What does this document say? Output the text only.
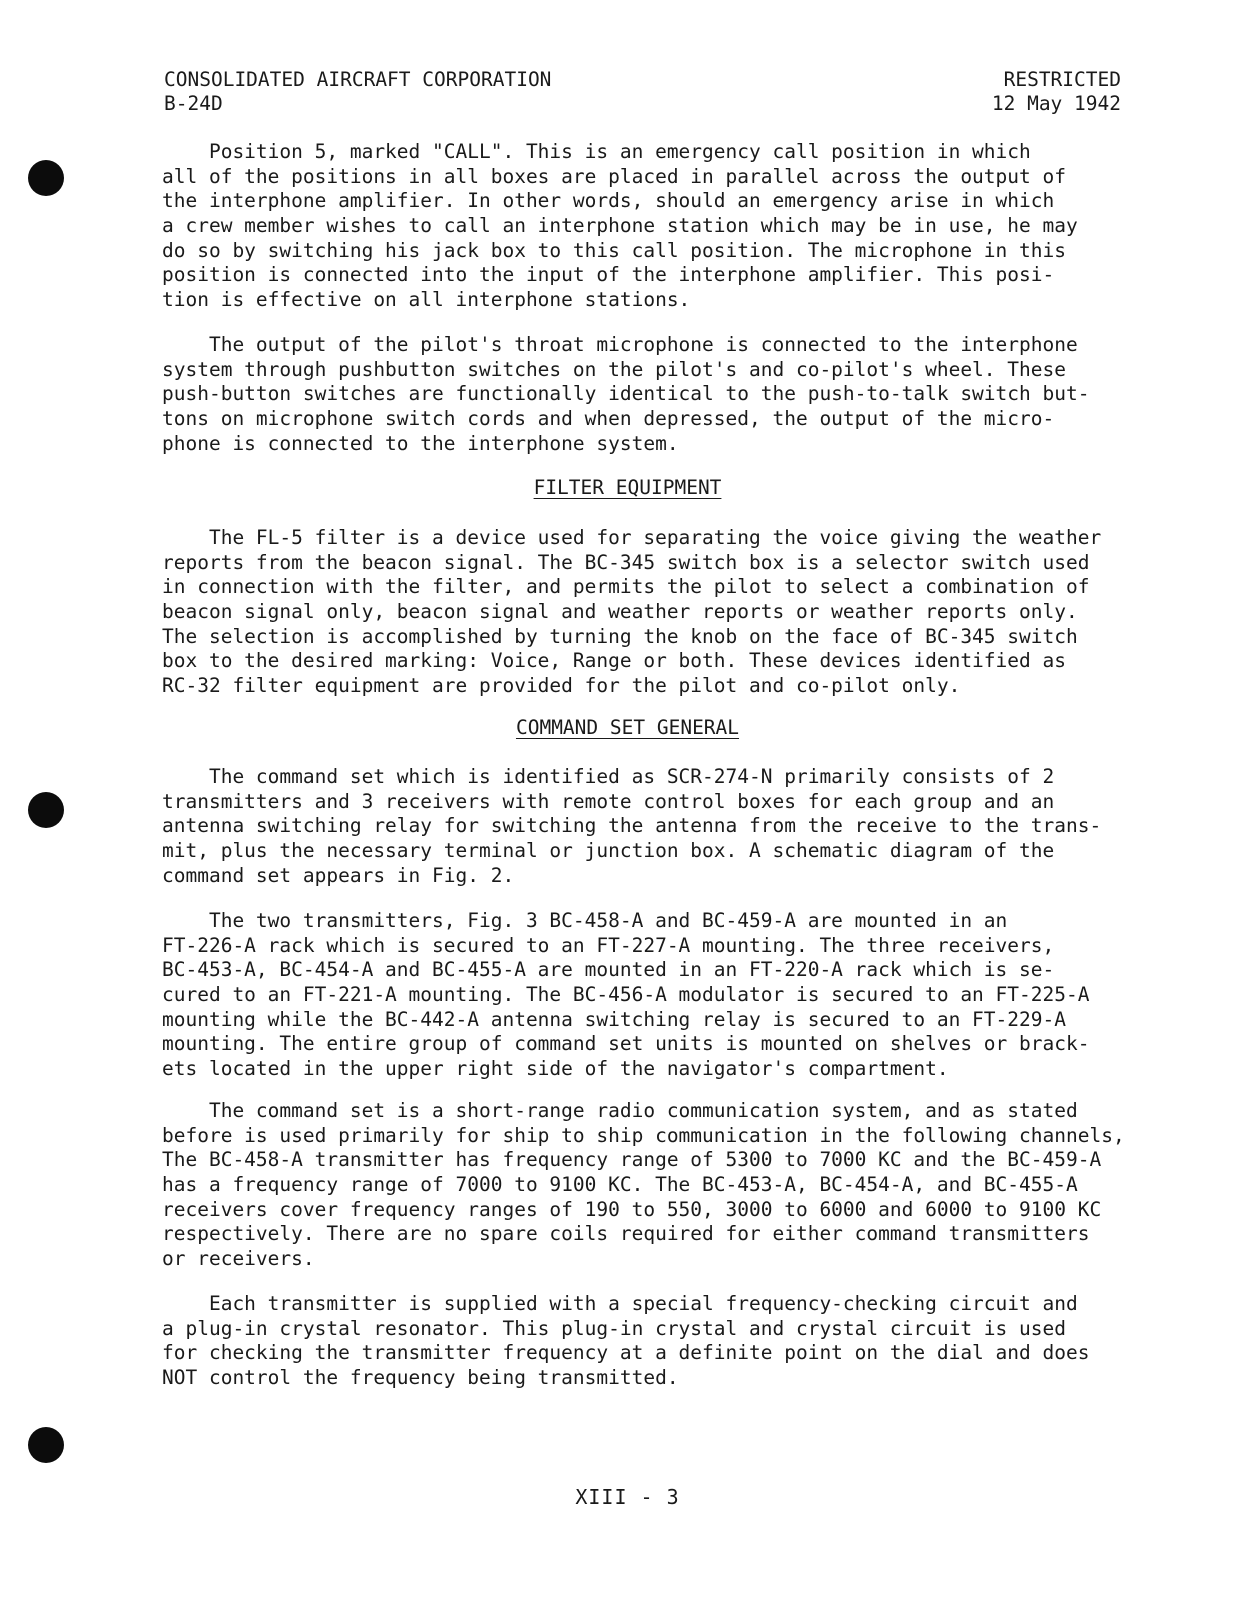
CONSOLIDATED AIRCRAFT CORPORATION
B-24D
RESTRICTED
12 May 1942
Position 5, marked "CALL". This is an emergency call position in which
all of the positions in all boxes are placed in parallel across the output of
the interphone amplifier. In other words, should an emergency arise in which
a crew member wishes to call an interphone station which may be in use, he may
do so by switching his jack box to this call position. The microphone in this
position is connected into the input of the interphone amplifier. This posi-
tion is effective on all interphone stations.
The output of the pilot's throat microphone is connected to the interphone
system through pushbutton switches on the pilot's and co-pilot's wheel. These
push-button switches are functionally identical to the push-to-talk switch but-
tons on microphone switch cords and when depressed, the output of the micro-
phone is connected to the interphone system.
FILTER EQUIPMENT
The FL-5 filter is a device used for separating the voice giving the weather
reports from the beacon signal. The BC-345 switch box is a selector switch used
in connection with the filter, and permits the pilot to select a combination of
beacon signal only, beacon signal and weather reports or weather reports only.
The selection is accomplished by turning the knob on the face of BC-345 switch
box to the desired marking: Voice, Range or both. These devices identified as
RC-32 filter equipment are provided for the pilot and co-pilot only.
COMMAND SET GENERAL
The command set which is identified as SCR-274-N primarily consists of 2
transmitters and 3 receivers with remote control boxes for each group and an
antenna switching relay for switching the antenna from the receive to the trans-
mit, plus the necessary terminal or junction box. A schematic diagram of the
command set appears in Fig. 2.
The two transmitters, Fig. 3 BC-458-A and BC-459-A are mounted in an
FT-226-A rack which is secured to an FT-227-A mounting. The three receivers,
BC-453-A, BC-454-A and BC-455-A are mounted in an FT-220-A rack which is se-
cured to an FT-221-A mounting. The BC-456-A modulator is secured to an FT-225-A
mounting while the BC-442-A antenna switching relay is secured to an FT-229-A
mounting. The entire group of command set units is mounted on shelves or brack-
ets located in the upper right side of the navigator's compartment.
The command set is a short-range radio communication system, and as stated
before is used primarily for ship to ship communication in the following channels,
The BC-458-A transmitter has frequency range of 5300 to 7000 KC and the BC-459-A
has a frequency range of 7000 to 9100 KC. The BC-453-A, BC-454-A, and BC-455-A
receivers cover frequency ranges of 190 to 550, 3000 to 6000 and 6000 to 9100 KC
respectively. There are no spare coils required for either command transmitters
or receivers.
Each transmitter is supplied with a special frequency-checking circuit and
a plug-in crystal resonator. This plug-in crystal and crystal circuit is used
for checking the transmitter frequency at a definite point on the dial and does
NOT control the frequency being transmitted.
XIII - 3
